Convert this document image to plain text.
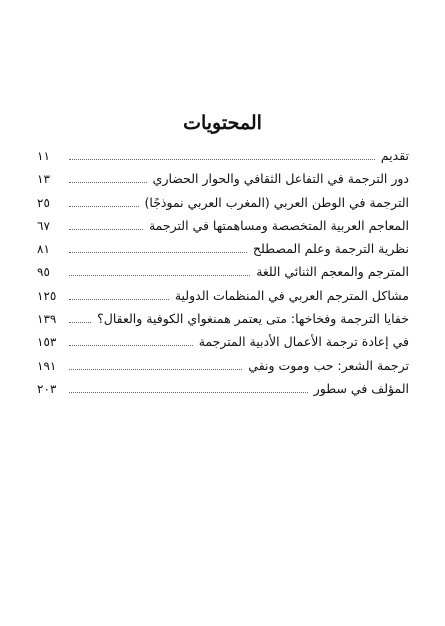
المحتويات
تقديم
١١
دور الترجمة في التفاعل الثقافي والحوار الحضاري
١٣
الترجمة في الوطن العربي (المغرب العربي نموذجًا)
٢٥
المعاجم العربية المتخصصة ومساهمتها في الترجمة
٦٧
نظرية الترجمة وعلم المصطلح
٨١
المترجم والمعجم الثنائي اللغة
٩٥
مشاكل المترجم العربي في المنظمات الدولية
١٢٥
خفايا الترجمة وفخاخها: متى يعتمر همنغواي الكوفية والعقال؟
١٣٩
في إعادة ترجمة الأعمال الأدبية المترجمة
١٥٣
ترجمة الشعر: حب وموت ونفي
١٩١
المؤلف في سطور
٢٠٣
